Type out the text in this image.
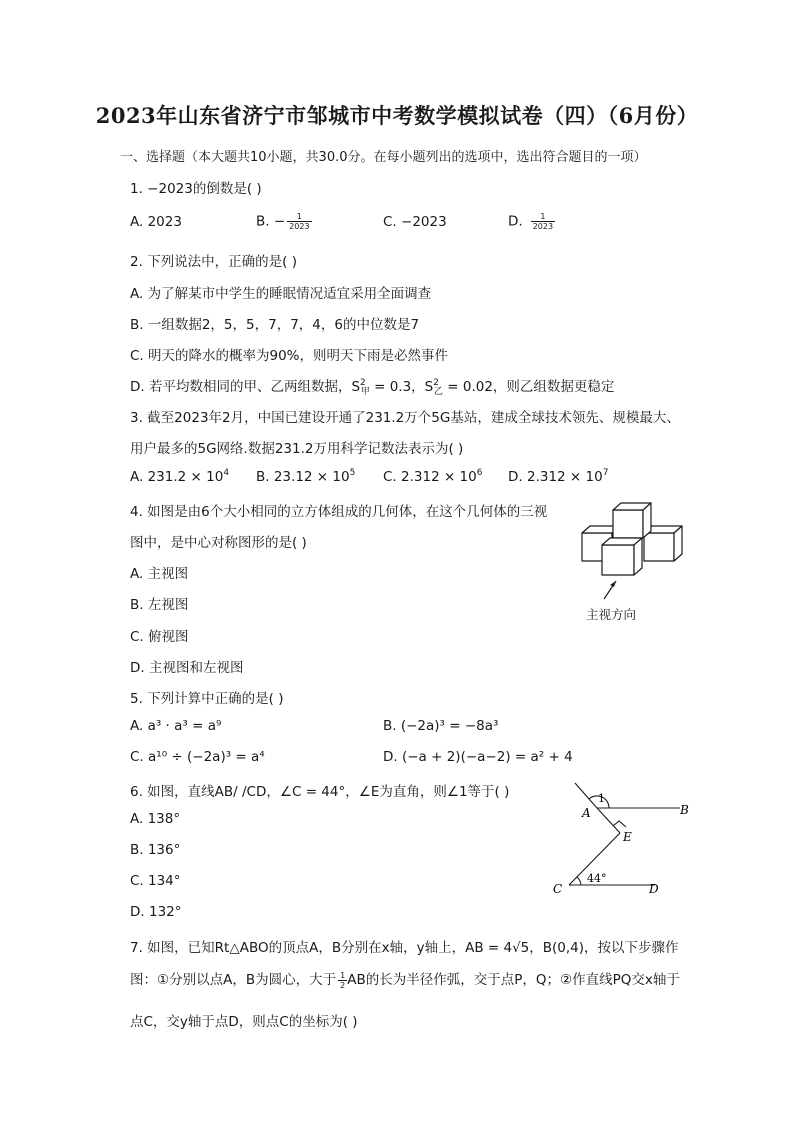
2023年山东省济宁市邹城市中考数学模拟试卷（四）（6月份）
一、选择题（本大题共10小题，共30.0分。在每小题列出的选项中，选出符合题目的一项）
1. −2023的倒数是( )
A. 2023	B. − $\frac{1}{2023}$	C. −2023	D. $\frac{1}{2023}$
2. 下列说法中，正确的是( )
A. 为了解某市中学生的睡眠情况适宜采用全面调查
B. 一组数据2，5，5，7，7，4，6的中位数是7
C. 明天的降水的概率为90%，则明天下雨是必然事件
D. 若平均数相同的甲、乙两组数据，$S^2_甲 = 0.3$，$S^2_乙 = 0.02$，则乙组数据更稳定
3. 截至2023年2月，中国已建设开通了231.2万个5G基站，建成全球技术领先、规模最大、
用户最多的5G网络.数据231.2万用科学记数法表示为( )
A. $231.2 \times 10^4$ B. $23.12 \times 10^5$ C. $2.312 \times 10^6$ D. $2.312 \times 10^7$
4. 如图是由6个大小相同的立方体组成的几何体，在这个几何体的三视
图中，是中心对称图形的是( )
A. 主视图
B. 左视图
C. 俯视图
D. 主视图和左视图
主视方向
5. 下列计算中正确的是( )
A. a³ · a³ = a⁹	B. (−2a)³ = −8a³
C. a¹⁰ ÷ (−2a)³ = a⁴	D. (−a + 2)(−a−2) = a² + 4
6. 如图，直线AB/ /CD，∠C = 44°，∠E为直角，则∠1等于( )
A. 138°
B. 136°
C. 134°
D. 132°
1
A	B
E
C	D
44°
7. 如图，已知Rt△ABO的顶点A，B分别在x轴，y轴上，AB = 4√5，B(0,4)，按以下步骤作
图：①分别以点A，B为圆心，大于 $\frac{1}{2}$ AB的长为半径作弧，交于点P，Q；②作直线PQ交x轴于
点C，交y轴于点D，则点C的坐标为( )
